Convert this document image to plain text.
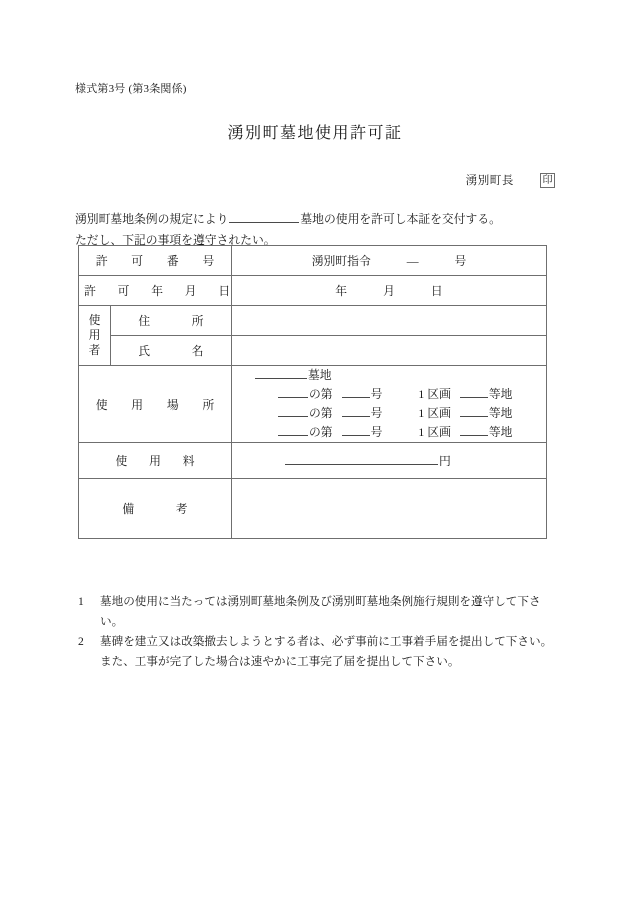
様式第3号 (第3条関係)
湧別町墓地使用許可証
湧別町長	印
湧別町墓地条例の規定により	墓地の使用を許可し本証を交付する。
ただし、下記の事項を遵守されたい。
許　可　番　号		湧別町指令 — 号
許　可　年　月　日		年 月 日

使
用
者	住　　所	
	氏　　名	
使　用　場　所		墓地
の第 号 1 区画 等地
の第 号 1 区画 等地
の第 号 1 区画 等地

使　用　料		円

備　　考		
1	墓地の使用に当たっては湧別町墓地条例及び湧別町墓地条例施行規則を遵守して下さ
い。
2	墓碑を建立又は改築撤去しようとする者は、必ず事前に工事着手届を提出して下さい。
また、工事が完了した場合は速やかに工事完了届を提出して下さい。
